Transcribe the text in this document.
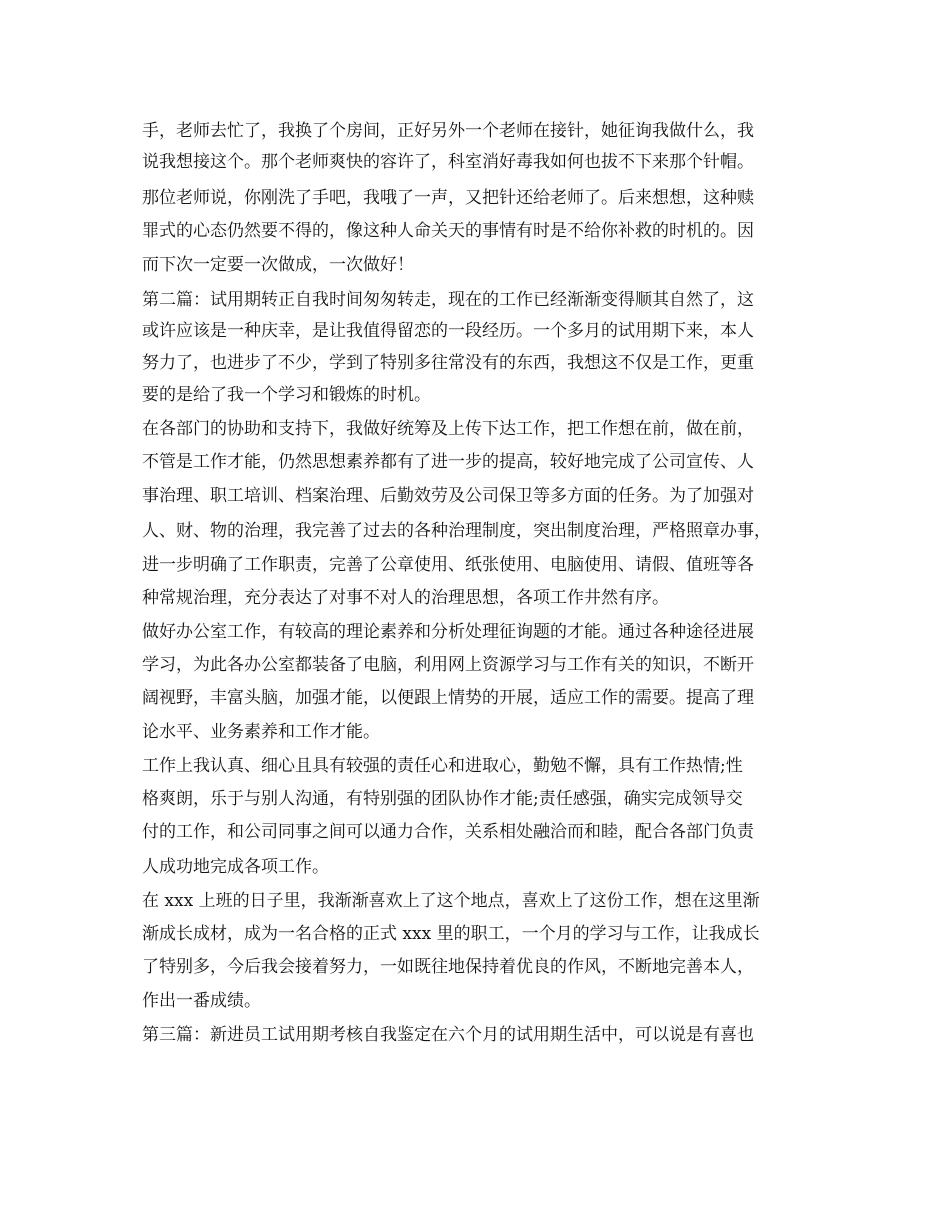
手，老师去忙了，我换了个房间，正好另外一个老师在接针，她征询我做什么，我
说我想接这个。那个老师爽快的容许了，科室消好毒我如何也拔不下来那个针帽。
那位老师说，你刚洗了手吧，我哦了一声，又把针还给老师了。后来想想，这种赎
罪式的心态仍然要不得的，像这种人命关天的事情有时是不给你补救的时机的。因
而下次一定要一次做成，一次做好！
第二篇：试用期转正自我时间匆匆转走，现在的工作已经渐渐变得顺其自然了，这
或许应该是一种庆幸，是让我值得留恋的一段经历。一个多月的试用期下来，本人
努力了，也进步了不少，学到了特别多往常没有的东西，我想这不仅是工作，更重
要的是给了我一个学习和锻炼的时机。
在各部门的协助和支持下，我做好统筹及上传下达工作，把工作想在前，做在前，
不管是工作才能，仍然思想素养都有了进一步的提高，较好地完成了公司宣传、人
事治理、职工培训、档案治理、后勤效劳及公司保卫等多方面的任务。为了加强对
人、财、物的治理，我完善了过去的各种治理制度，突出制度治理，严格照章办事，
进一步明确了工作职责，完善了公章使用、纸张使用、电脑使用、请假、值班等各
种常规治理，充分表达了对事不对人的治理思想，各项工作井然有序。
做好办公室工作，有较高的理论素养和分析处理征询题的才能。通过各种途径进展
学习，为此各办公室都装备了电脑，利用网上资源学习与工作有关的知识，不断开
阔视野，丰富头脑，加强才能，以便跟上情势的开展，适应工作的需要。提高了理
论水平、业务素养和工作才能。
工作上我认真、细心且具有较强的责任心和进取心，勤勉不懈，具有工作热情;性
格爽朗，乐于与别人沟通，有特别强的团队协作才能;责任感强，确实完成领导交
付的工作，和公司同事之间可以通力合作，关系相处融洽而和睦，配合各部门负责
人成功地完成各项工作。
在 xxx 上班的日子里，我渐渐喜欢上了这个地点，喜欢上了这份工作，想在这里渐
渐成长成材，成为一名合格的正式 xxx 里的职工，一个月的学习与工作，让我成长
了特别多，今后我会接着努力，一如既往地保持着优良的作风，不断地完善本人，
作出一番成绩。
第三篇：新进员工试用期考核自我鉴定在六个月的试用期生活中，可以说是有喜也
